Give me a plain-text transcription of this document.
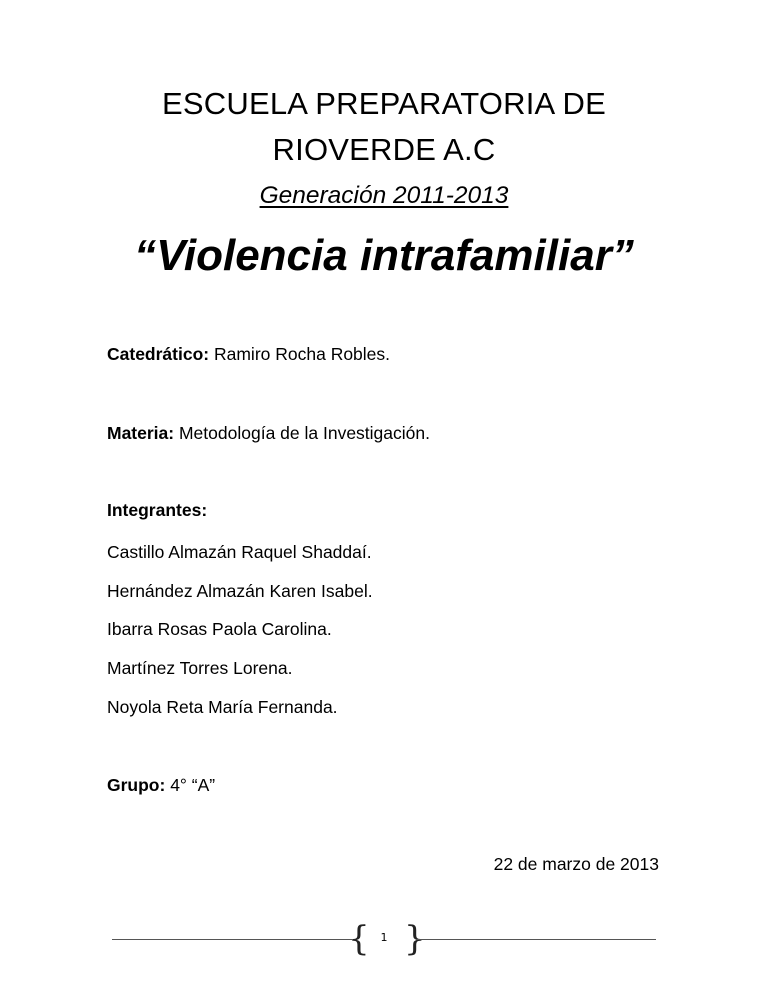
ESCUELA PREPARATORIA DE
RIOVERDE A.C
Generación 2011-2013
“Violencia intrafamiliar”
Catedrático: Ramiro Rocha Robles.
Materia: Metodología de la Investigación.
Integrantes:
Castillo Almazán Raquel Shaddaí.
Hernández Almazán Karen Isabel.
Ibarra Rosas Paola Carolina.
Martínez Torres Lorena.
Noyola Reta María Fernanda.
Grupo: 4° “A”
22 de marzo de 2013
{ 1 }
